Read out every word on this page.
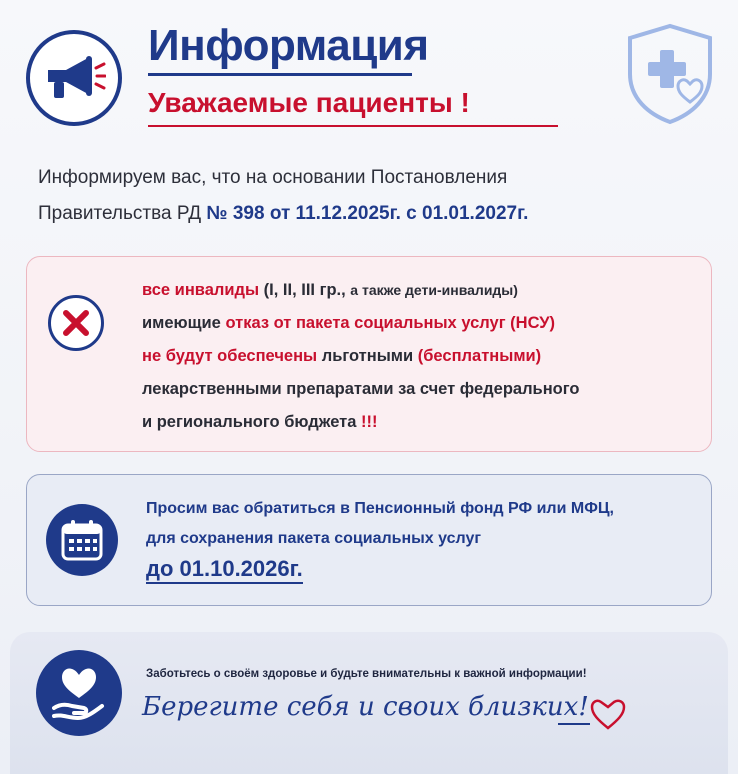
Информация
Уважаемые пациенты !
Информируем вас, что на основании Постановления
Правительства РД № 398 от 11.12.2025г. с 01.01.2027г.
все инвалиды (I, II, III гр., а также дети-инвалиды)
имеющие отказ от пакета социальных услуг (НСУ)
не будут обеспечены льготными (бесплатными)
лекарственными препаратами за счет федерального
и регионального бюджета !!!
Просим вас обратиться в Пенсионный фонд РФ или МФЦ,
для сохранения пакета социальных услуг
до 01.10.2026г.
Заботьтесь о своём здоровье и будьте внимательны к важной информации!
Берегите себя и своих близких!
